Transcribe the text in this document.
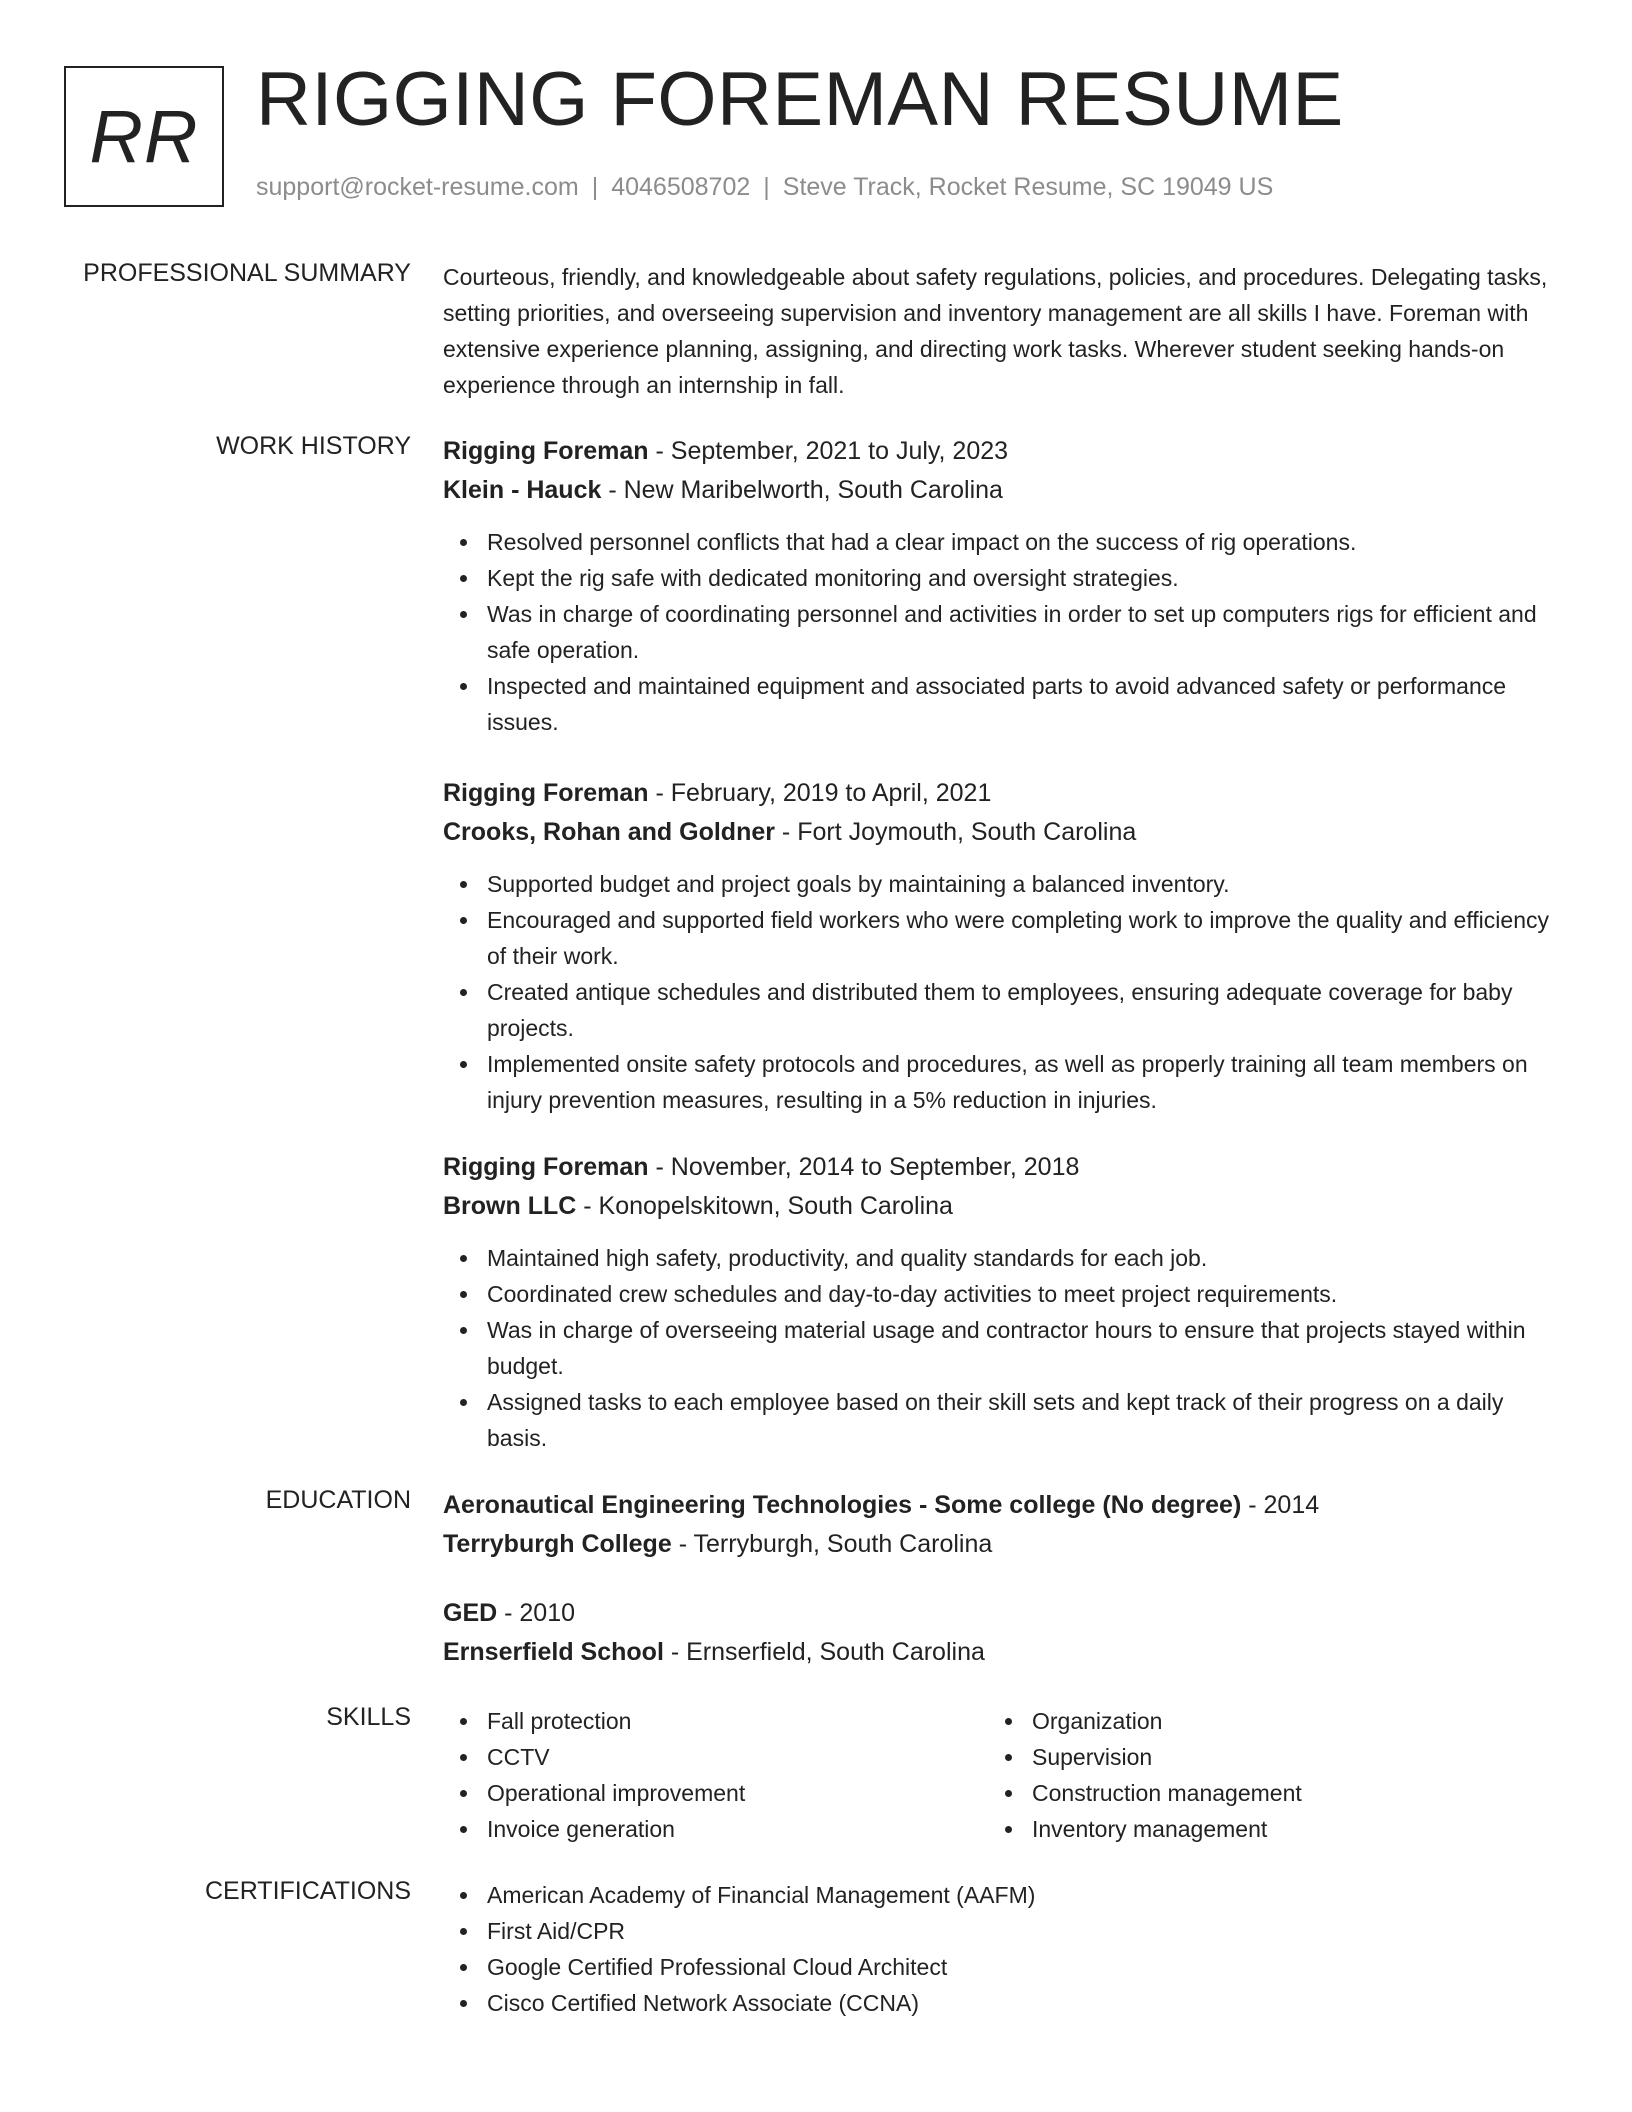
RR RIGGING FOREMAN RESUME
support@rocket-resume.com | 4046508702 | Steve Track, Rocket Resume, SC 19049 US
PROFESSIONAL SUMMARY Courteous, friendly, and knowledgeable about safety regulations, policies, and procedures. Delegating tasks, setting priorities, and overseeing supervision and inventory management are all skills I have. Foreman with extensive experience planning, assigning, and directing work tasks. Wherever student seeking hands-on experience through an internship in fall.

WORK HISTORY Rigging Foreman - September, 2021 to July, 2023
Klein - Hauck - New Maribelworth, South Carolina
Resolved personnel conflicts that had a clear impact on the success of rig operations.
Kept the rig safe with dedicated monitoring and oversight strategies.
Was in charge of coordinating personnel and activities in order to set up computers rigs for efficient and safe operation.
Inspected and maintained equipment and associated parts to avoid advanced safety or performance issues.
Rigging Foreman - February, 2019 to April, 2021
Crooks, Rohan and Goldner - Fort Joymouth, South Carolina
Supported budget and project goals by maintaining a balanced inventory.
Encouraged and supported field workers who were completing work to improve the quality and efficiency of their work.
Created antique schedules and distributed them to employees, ensuring adequate coverage for baby projects.
Implemented onsite safety protocols and procedures, as well as properly training all team members on injury prevention measures, resulting in a 5% reduction in injuries.
Rigging Foreman - November, 2014 to September, 2018
Brown LLC - Konopelskitown, South Carolina
Maintained high safety, productivity, and quality standards for each job.
Coordinated crew schedules and day-to-day activities to meet project requirements.
Was in charge of overseeing material usage and contractor hours to ensure that projects stayed within budget.
Assigned tasks to each employee based on their skill sets and kept track of their progress on a daily basis.
EDUCATION Aeronautical Engineering Technologies - Some college (No degree) - 2014
Terryburgh College - Terryburgh, South Carolina
GED - 2010
Ernserfield School - Ernserfield, South Carolina
SKILLS	Fall protection
CCTV
Operational improvement
Invoice generation
Organization
Supervision
Construction management
Inventory management
CERTIFICATIONS	American Academy of Financial Management (AAFM)
First Aid/CPR
Google Certified Professional Cloud Architect
Cisco Certified Network Associate (CCNA)
